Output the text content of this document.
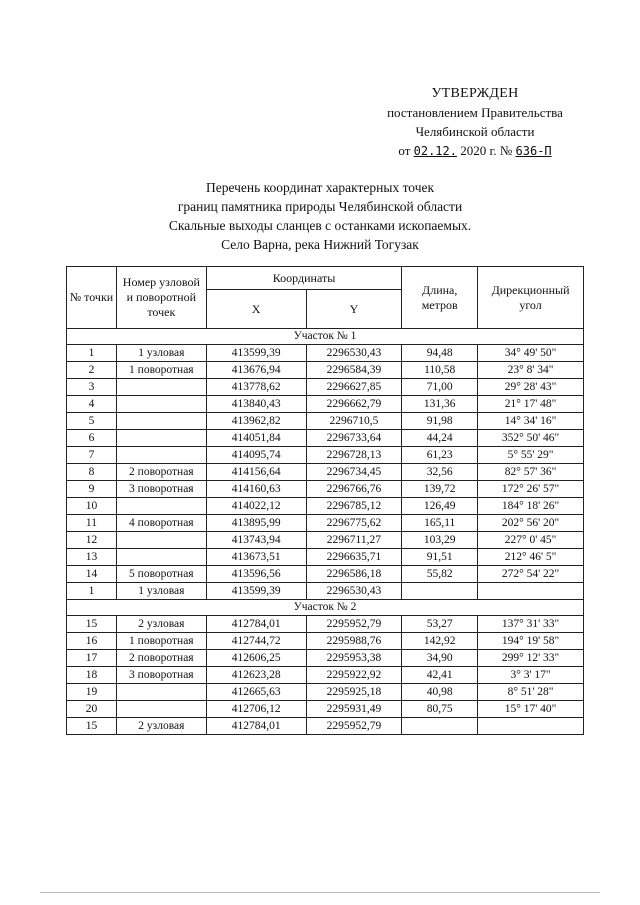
УТВЕРЖДЕН
постановлением Правительства
Челябинской области
от 02.12. 2020 г. № 636-П
Перечень координат характерных точек
границ памятника природы Челябинской области
Скальные выходы сланцев с останками ископаемых.
Село Варна, река Нижний Тогузак
№ точки	Номер узловой и поворотной точек	Координаты		Длина, метров	Дирекционный угол
		X	Y		
Участок № 1					
1	1 узловая	413599,39	2296530,43	94,48	34° 49' 50"
2	1 поворотная	413676,94	2296584,39	110,58	23° 8' 34"
3		413778,62	2296627,85	71,00	29° 28' 43"
4		413840,43	2296662,79	131,36	21° 17' 48"
5		413962,82	2296710,5	91,98	14° 34' 16"
6		414051,84	2296733,64	44,24	352° 50' 46"
7		414095,74	2296728,13	61,23	5° 55' 29"
8	2 поворотная	414156,64	2296734,45	32,56	82° 57' 36"
9	3 поворотная	414160,63	2296766,76	139,72	172° 26' 57"
10		414022,12	2296785,12	126,49	184° 18' 26"
11	4 поворотная	413895,99	2296775,62	165,11	202° 56' 20"
12		413743,94	2296711,27	103,29	227° 0' 45"
13		413673,51	2296635,71	91,51	212° 46' 5"
14	5 поворотная	413596,56	2296586,18	55,82	272° 54' 22"
1	1 узловая	413599,39	2296530,43		
Участок № 2					
15	2 узловая	412784,01	2295952,79	53,27	137° 31' 33"
16	1 поворотная	412744,72	2295988,76	142,92	194° 19' 58"
17	2 поворотная	412606,25	2295953,38	34,90	299° 12' 33"
18	3 поворотная	412623,28	2295922,92	42,41	3° 3' 17"
19		412665,63	2295925,18	40,98	8° 51' 28"
20		412706,12	2295931,49	80,75	15° 17' 40"
15	2 узловая	412784,01	2295952,79		
